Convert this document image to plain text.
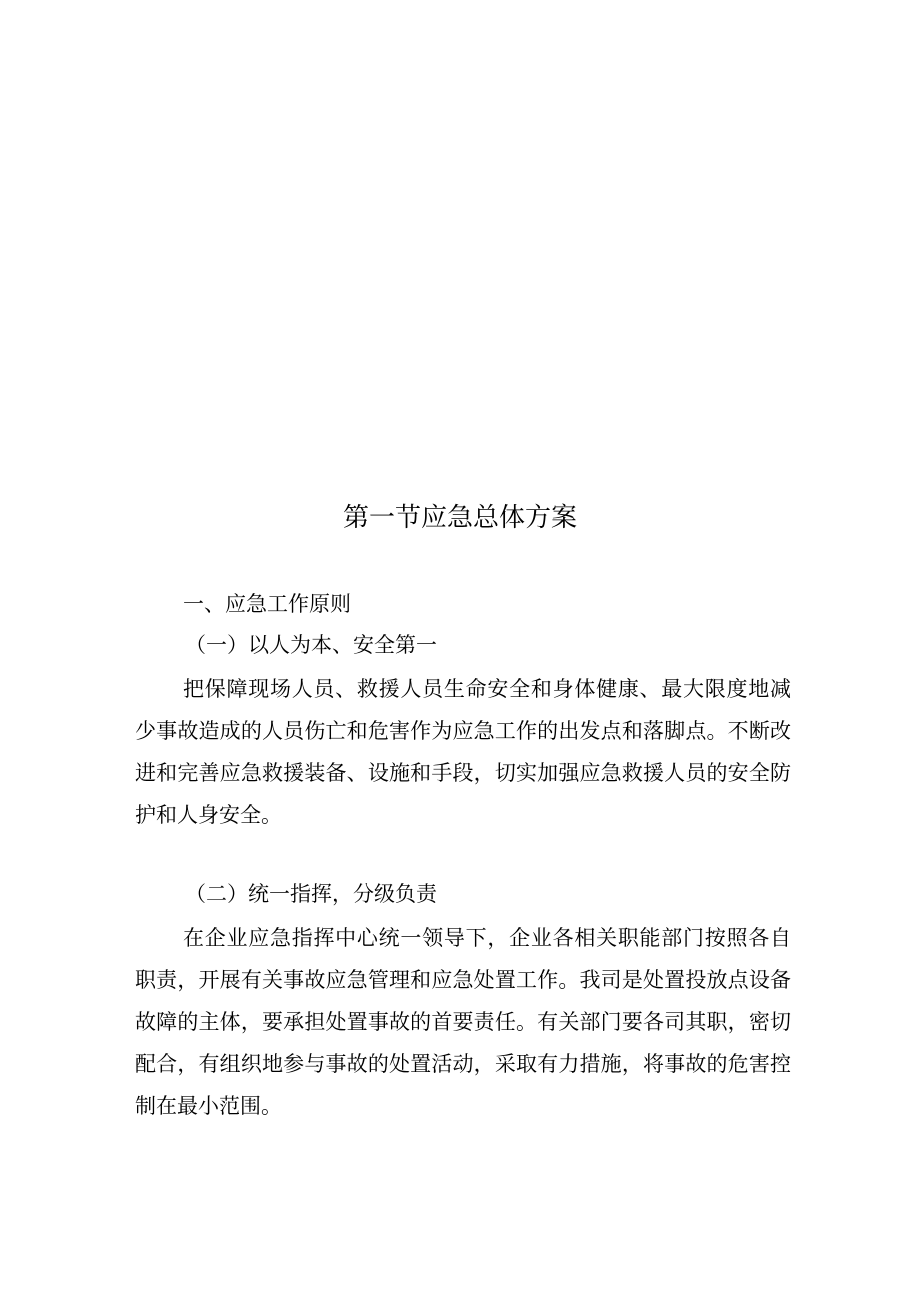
第一节应急总体方案
一、应急工作原则
（一）以人为本、安全第一

把保障现场人员、救援人员生命安全和身体健康、最大限度地减少事故造成的人员伤亡和危害作为应急工作的出发点和落脚点。不断改进和完善应急救援装备、设施和手段，切实加强应急救援人员的安全防护和人身安全。

（二）统一指挥，分级负责

在企业应急指挥中心统一领导下，企业各相关职能部门按照各自职责，开展有关事故应急管理和应急处置工作。我司是处置投放点设备故障的主体，要承担处置事故的首要责任。有关部门要各司其职，密切配合，有组织地参与事故的处置活动，采取有力措施，将事故的危害控制在最小范围。
